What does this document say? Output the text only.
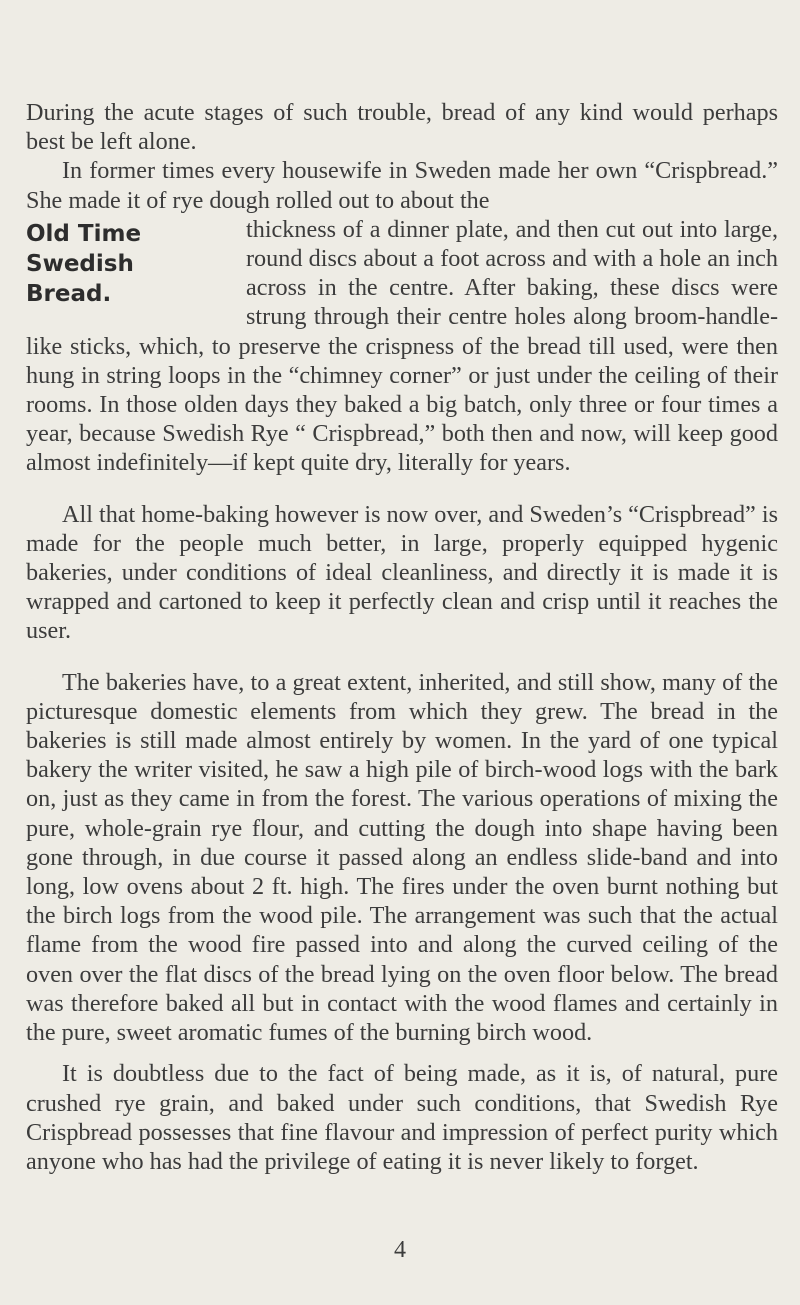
During the acute stages of such trouble, bread of any kind would perhaps best be left alone.

In former times every housewife in Sweden made her own “Crispbread.” She made it of rye dough rolled out to about the

Old Time
Swedish
Bread.

thickness of a dinner plate, and then cut out into large, round discs about a foot across and with a hole an inch across in the centre. After baking, these discs were strung through their centre holes along broom-handle-like sticks, which, to preserve the crispness of the bread till used, were then hung in string loops in the “chimney corner” or just under the ceiling of their rooms. In those olden days they baked a big batch, only three or four times a year, because Swedish Rye “ Crispbread,” both then and now, will keep good almost indefinitely—if kept quite dry, literally for years.

All that home-baking however is now over, and Sweden’s “Crispbread” is made for the people much better, in large, properly equipped hygenic bakeries, under conditions of ideal cleanliness, and directly it is made it is wrapped and cartoned to keep it perfectly clean and crisp until it reaches the user.

The bakeries have, to a great extent, inherited, and still show, many of the picturesque domestic elements from which they grew. The bread in the bakeries is still made almost entirely by women. In the yard of one typical bakery the writer visited, he saw a high pile of birch-wood logs with the bark on, just as they came in from the forest. The various operations of mixing the pure, whole-grain rye flour, and cutting the dough into shape having been gone through, in due course it passed along an endless slide-band and into long, low ovens about 2 ft. high. The fires under the oven burnt nothing but the birch logs from the wood pile. The arrangement was such that the actual flame from the wood fire passed into and along the curved ceiling of the oven over the flat discs of the bread lying on the oven floor below. The bread was therefore baked all but in contact with the wood flames and certainly in the pure, sweet aromatic fumes of the burning birch wood.

It is doubtless due to the fact of being made, as it is, of natural, pure crushed rye grain, and baked under such conditions, that Swedish Rye Crispbread possesses that fine flavour and impression of perfect purity which anyone who has had the privilege of eating it is never likely to forget.

4
